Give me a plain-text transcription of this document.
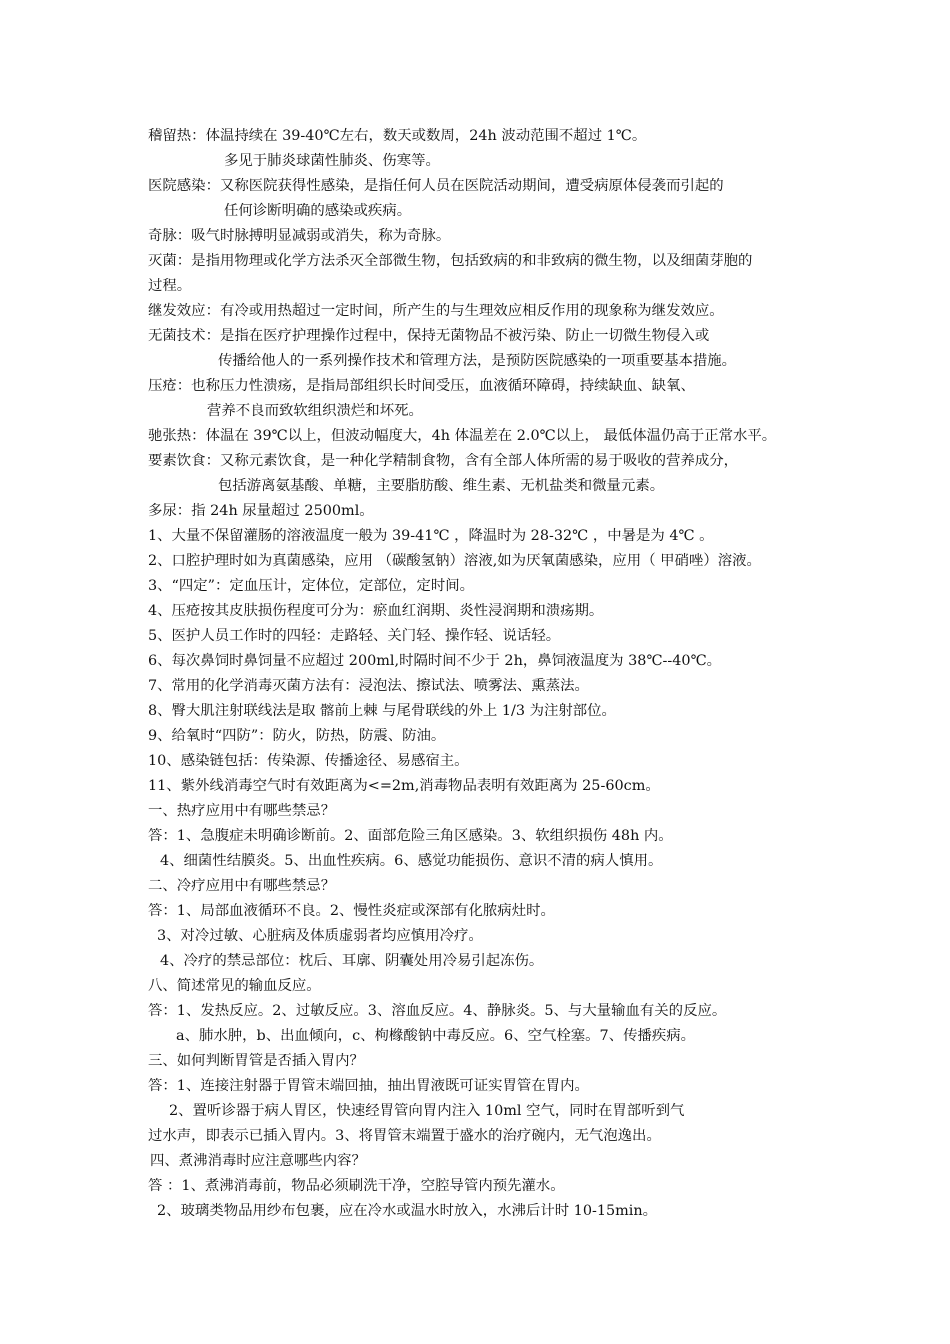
稽留热：体温持续在 39-40℃左右，数天或数周，24h 波动范围不超过 1℃。
多见于肺炎球菌性肺炎、伤寒等。
医院感染：又称医院获得性感染，是指任何人员在医院活动期间，遭受病原体侵袭而引起的
任何诊断明确的感染或疾病。
奇脉：吸气时脉搏明显减弱或消失，称为奇脉。
灭菌：是指用物理或化学方法杀灭全部微生物，包括致病的和非致病的微生物，以及细菌芽胞的
过程。
继发效应：有冷或用热超过一定时间，所产生的与生理效应相反作用的现象称为继发效应。
无菌技术：是指在医疗护理操作过程中，保持无菌物品不被污染、防止一切微生物侵入或
传播给他人的一系列操作技术和管理方法，是预防医院感染的一项重要基本措施。
压疮：也称压力性溃疡，是指局部组织长时间受压，血液循环障碍，持续缺血、缺氧、
营养不良而致软组织溃烂和坏死。
驰张热：体温在 39℃以上，但波动幅度大，4h 体温差在 2.0℃以上， 最低体温仍高于正常水平。
要素饮食：又称元素饮食，是一种化学精制食物，含有全部人体所需的易于吸收的营养成分，
包括游离氨基酸、单糖，主要脂肪酸、维生素、无机盐类和微量元素。
多尿：指 24h 尿量超过 2500ml。
1、大量不保留灌肠的溶液温度一般为 39-41℃ ，降温时为 28-32℃ ，中暑是为 4℃ 。
2、口腔护理时如为真菌感染，应用 （碳酸氢钠）溶液,如为厌氧菌感染，应用（ 甲硝唑）溶液。
3、“四定”：定血压计，定体位，定部位，定时间。
4、压疮按其皮肤损伤程度可分为：瘀血红润期、炎性浸润期和溃疡期。
5、医护人员工作时的四轻：走路轻、关门轻、操作轻、说话轻。
6、每次鼻饲时鼻饲量不应超过 200ml,时隔时间不少于 2h，鼻饲液温度为 38℃--40℃。
7、常用的化学消毒灭菌方法有：浸泡法、擦试法、喷雾法、熏蒸法。
8、臀大肌注射联线法是取 髂前上棘 与尾骨联线的外上 1/3 为注射部位。
9、给氧时“四防”：防火，防热，防震、防油。
10、感染链包括：传染源、传播途径、易感宿主。
11、紫外线消毒空气时有效距离为<=2m,消毒物品表明有效距离为 25-60cm。
一、热疗应用中有哪些禁忌？
答：1、急腹症未明确诊断前。2、面部危险三角区感染。3、软组织损伤 48h 内。
4、细菌性结膜炎。5、出血性疾病。6、感觉功能损伤、意识不清的病人慎用。
二、冷疗应用中有哪些禁忌？
答：1、局部血液循环不良。2、慢性炎症或深部有化脓病灶时。
3、对冷过敏、心脏病及体质虚弱者均应慎用冷疗。
4、冷疗的禁忌部位：枕后、耳廓、阴囊处用冷易引起冻伤。
八、简述常见的输血反应。
答：1、发热反应。2、过敏反应。3、溶血反应。4、静脉炎。5、与大量输血有关的反应。
a、肺水肿，b、出血倾向，c、枸橼酸钠中毒反应。6、空气栓塞。7、传播疾病。
三、如何判断胃管是否插入胃内？
答：1、连接注射器于胃管末端回抽，抽出胃液既可证实胃管在胃内。
2、置听诊器于病人胃区，快速经胃管向胃内注入 10ml 空气，同时在胃部听到气
过水声，即表示已插入胃内。3、将胃管末端置于盛水的治疗碗内，无气泡逸出。
四、煮沸消毒时应注意哪些内容？
答 ：1、煮沸消毒前，物品必须刷洗干净，空腔导管内预先灌水。
2、玻璃类物品用纱布包裹，应在冷水或温水时放入，水沸后计时 10-15min。
